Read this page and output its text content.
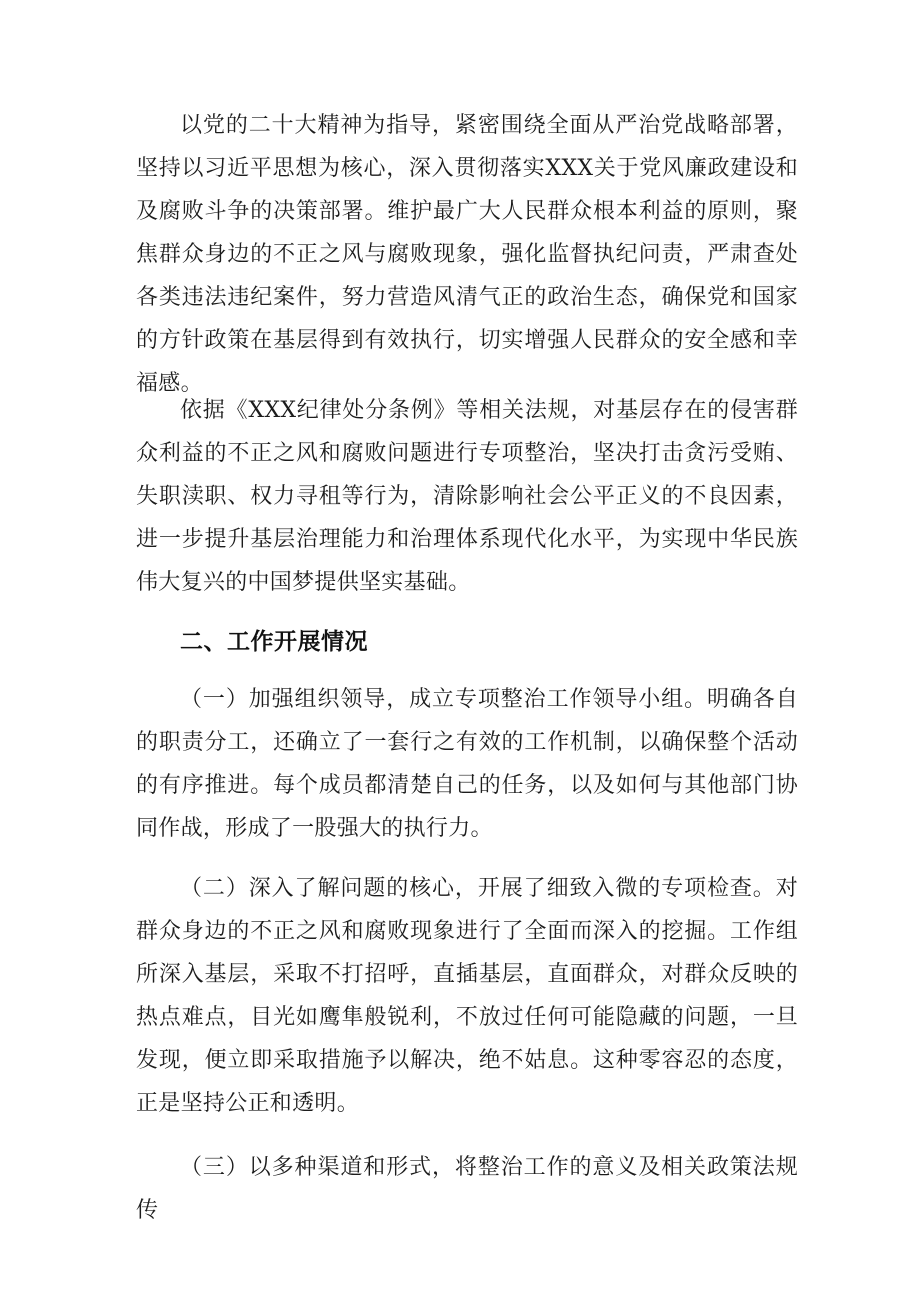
以党的二十大精神为指导，紧密围绕全面从严治党战略部署，坚持以习近平思想为核心，深入贯彻落实XXX关于党风廉政建设和及腐败斗争的决策部署。维护最广大人民群众根本利益的原则，聚焦群众身边的不正之风与腐败现象，强化监督执纪问责，严肃查处各类违法违纪案件，努力营造风清气正的政治生态，确保党和国家的方针政策在基层得到有效执行，切实增强人民群众的安全感和幸福感。

依据《XXX纪律处分条例》等相关法规，对基层存在的侵害群众利益的不正之风和腐败问题进行专项整治，坚决打击贪污受贿、失职渎职、权力寻租等行为，清除影响社会公平正义的不良因素，进一步提升基层治理能力和治理体系现代化水平，为实现中华民族伟大复兴的中国梦提供坚实基础。

二、工作开展情况

（一）加强组织领导，成立专项整治工作领导小组。明确各自的职责分工，还确立了一套行之有效的工作机制，以确保整个活动的有序推进。每个成员都清楚自己的任务，以及如何与其他部门协同作战，形成了一股强大的执行力。

（二）深入了解问题的核心，开展了细致入微的专项检查。对群众身边的不正之风和腐败现象进行了全面而深入的挖掘。工作组所深入基层，采取不打招呼，直插基层，直面群众，对群众反映的热点难点，目光如鹰隼般锐利，不放过任何可能隐藏的问题，一旦发现，便立即采取措施予以解决，绝不姑息。这种零容忍的态度，正是坚持公正和透明。

（三）以多种渠道和形式，将整治工作的意义及相关政策法规传
